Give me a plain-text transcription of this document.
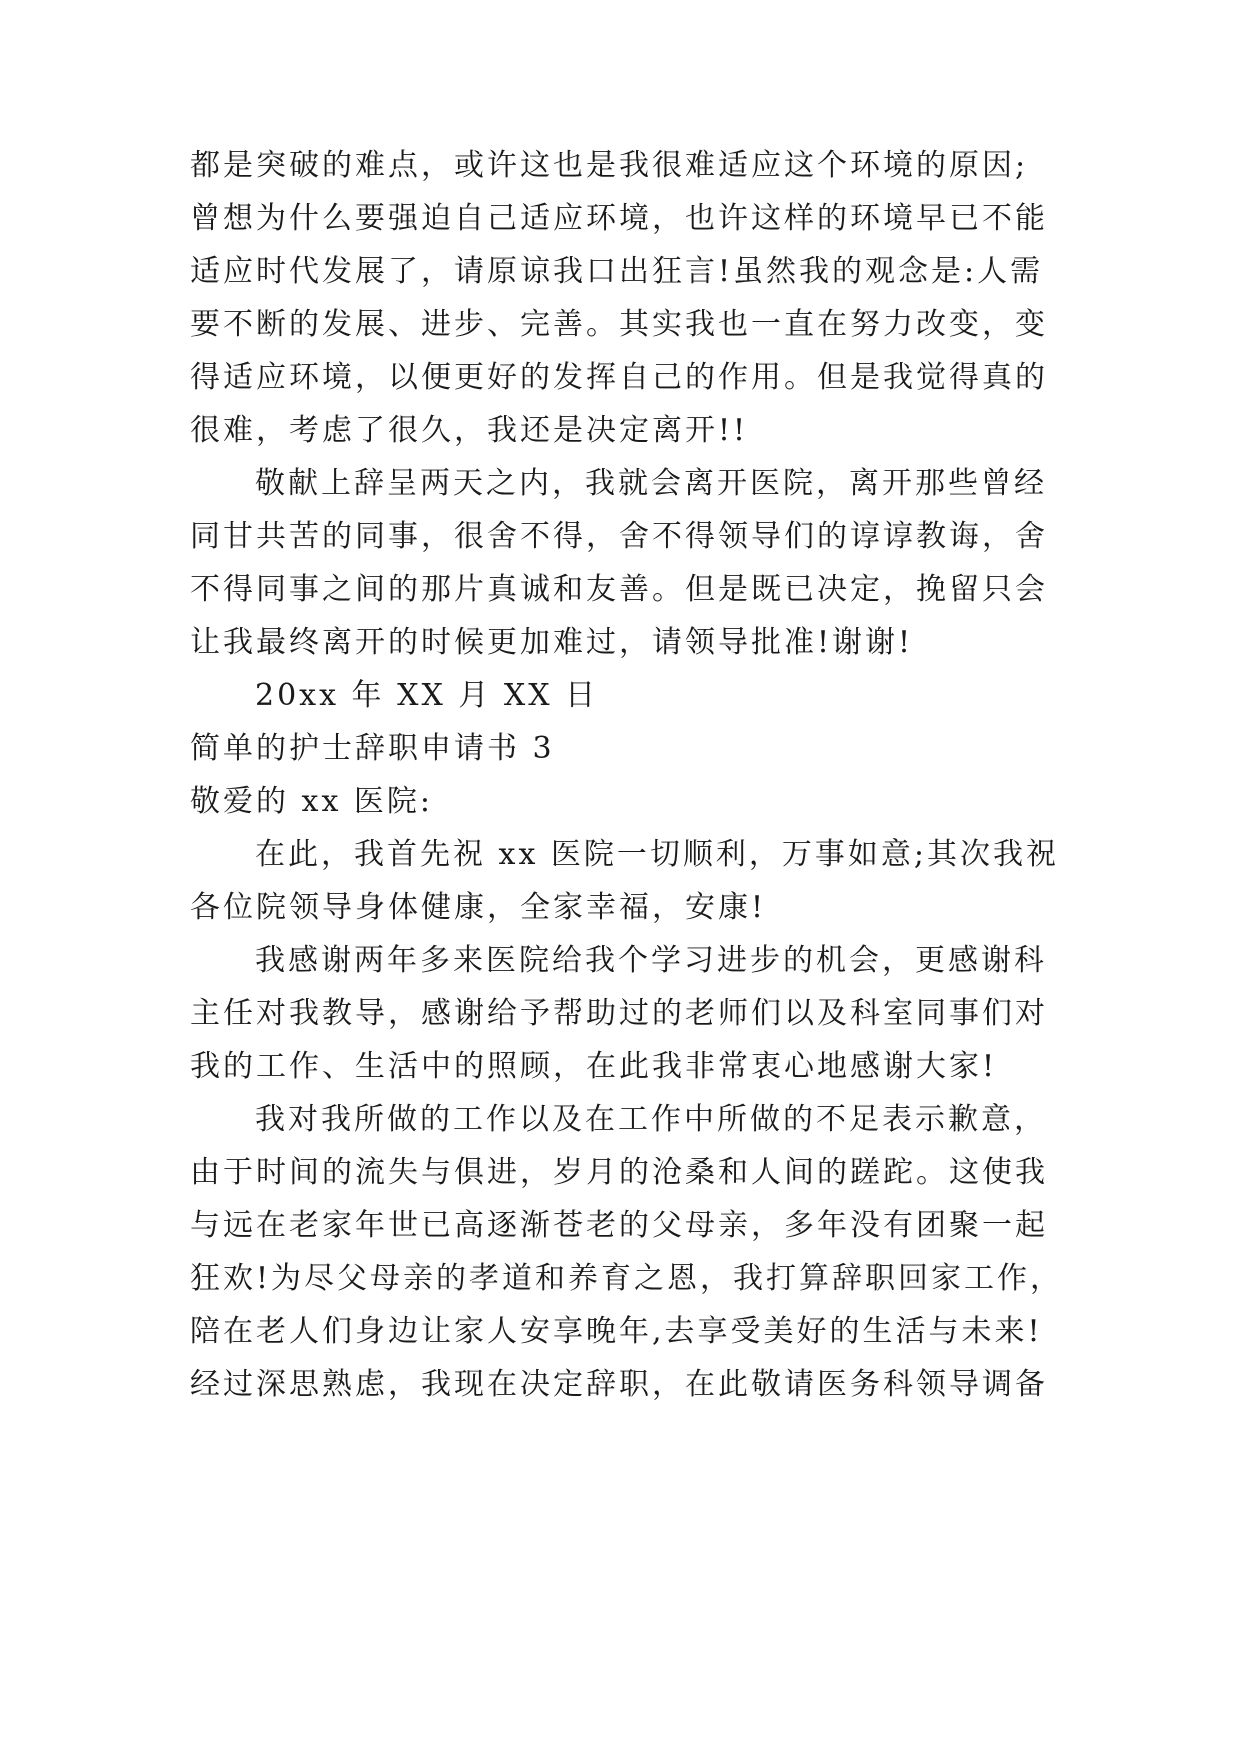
都是突破的难点，或许这也是我很难适应这个环境的原因;
曾想为什么要强迫自己适应环境，也许这样的环境早已不能
适应时代发展了，请原谅我口出狂言!虽然我的观念是:人需
要不断的发展、进步、完善。其实我也一直在努力改变，变
得适应环境，以便更好的发挥自己的作用。但是我觉得真的
很难，考虑了很久，我还是决定离开!!
敬献上辞呈两天之内，我就会离开医院，离开那些曾经
同甘共苦的同事，很舍不得，舍不得领导们的谆谆教诲，舍
不得同事之间的那片真诚和友善。但是既已决定，挽留只会
让我最终离开的时候更加难过，请领导批准!谢谢!
20xx 年 XX 月 XX 日
简单的护士辞职申请书 3
敬爱的 xx 医院:
在此，我首先祝 xx 医院一切顺利，万事如意;其次我祝
各位院领导身体健康，全家幸福，安康!
我感谢两年多来医院给我个学习进步的机会，更感谢科
主任对我教导，感谢给予帮助过的老师们以及科室同事们对
我的工作、生活中的照顾，在此我非常衷心地感谢大家!
我对我所做的工作以及在工作中所做的不足表示歉意，
由于时间的流失与俱进，岁月的沧桑和人间的蹉跎。这使我
与远在老家年世已高逐渐苍老的父母亲，多年没有团聚一起
狂欢!为尽父母亲的孝道和养育之恩，我打算辞职回家工作，
陪在老人们身边让家人安享晚年,去享受美好的生活与未来!
经过深思熟虑，我现在决定辞职，在此敬请医务科领导调备
